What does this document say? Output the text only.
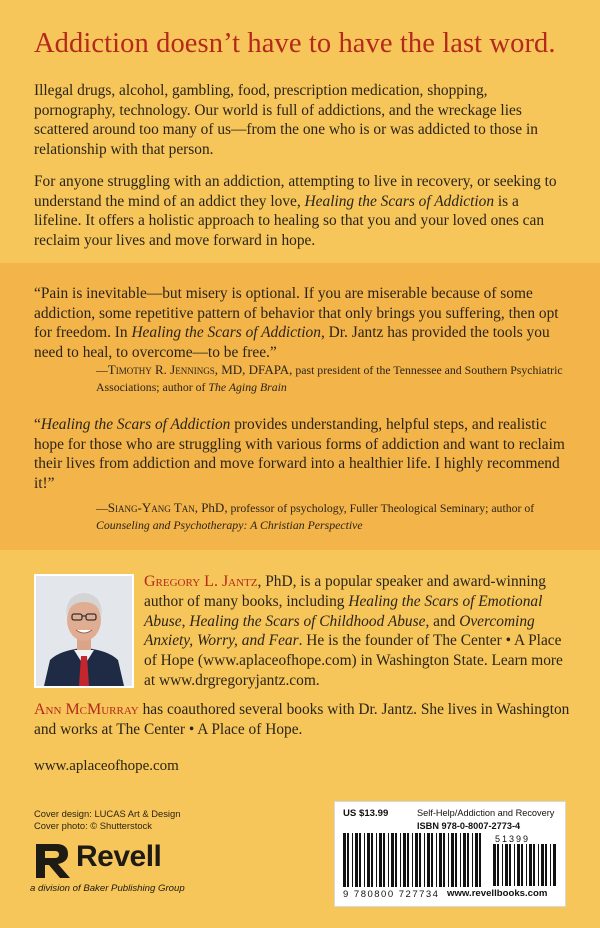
Addiction doesn’t have to have the last word.
Illegal drugs, alcohol, gambling, food, prescription medication, shopping, pornography, technology. Our world is full of addictions, and the wreckage lies scattered around too many of us—from the one who is or was addicted to those in relationship with that person.
For anyone struggling with an addiction, attempting to live in recovery, or seeking to understand the mind of an addict they love, Healing the Scars of Addiction is a lifeline. It offers a holistic approach to healing so that you and your loved ones can reclaim your lives and move forward in hope.
“Pain is inevitable—but misery is optional. If you are miserable because of some addiction, some repetitive pattern of behavior that only brings you suffering, then opt for freedom. In Healing the Scars of Addiction, Dr. Jantz has provided the tools you need to heal, to overcome—to be free.”
—Timothy R. Jennings, MD, DFAPA, past president of the Tennessee and Southern Psychiatric Associations; author of The Aging Brain
“Healing the Scars of Addiction provides understanding, helpful steps, and realistic hope for those who are struggling with various forms of addiction and want to reclaim their lives from addiction and move forward into a healthier life. I highly recommend it!”
—Siang-Yang Tan, PhD, professor of psychology, Fuller Theological Seminary; author of Counseling and Psychotherapy: A Christian Perspective
Gregory L. Jantz, PhD, is a popular speaker and award-winning author of many books, including Healing the Scars of Emotional Abuse, Healing the Scars of Childhood Abuse, and Overcoming Anxiety, Worry, and Fear. He is the founder of The Center • A Place of Hope (www.aplaceofhope.com) in Washington State. Learn more at www.drgregoryjantz.com.
Ann McMurray has coauthored several books with Dr. Jantz. She lives in Washington and works at The Center • A Place of Hope.
www.aplaceofhope.com
Cover design: LUCAS Art & Design
Cover photo: © Shutterstock
Revell
a division of Baker Publishing Group
US $13.99	Self-Help/Addiction and Recovery
ISBN 978-0-8007-2773-4
51399
9 780800 727734 www.revellbooks.com
